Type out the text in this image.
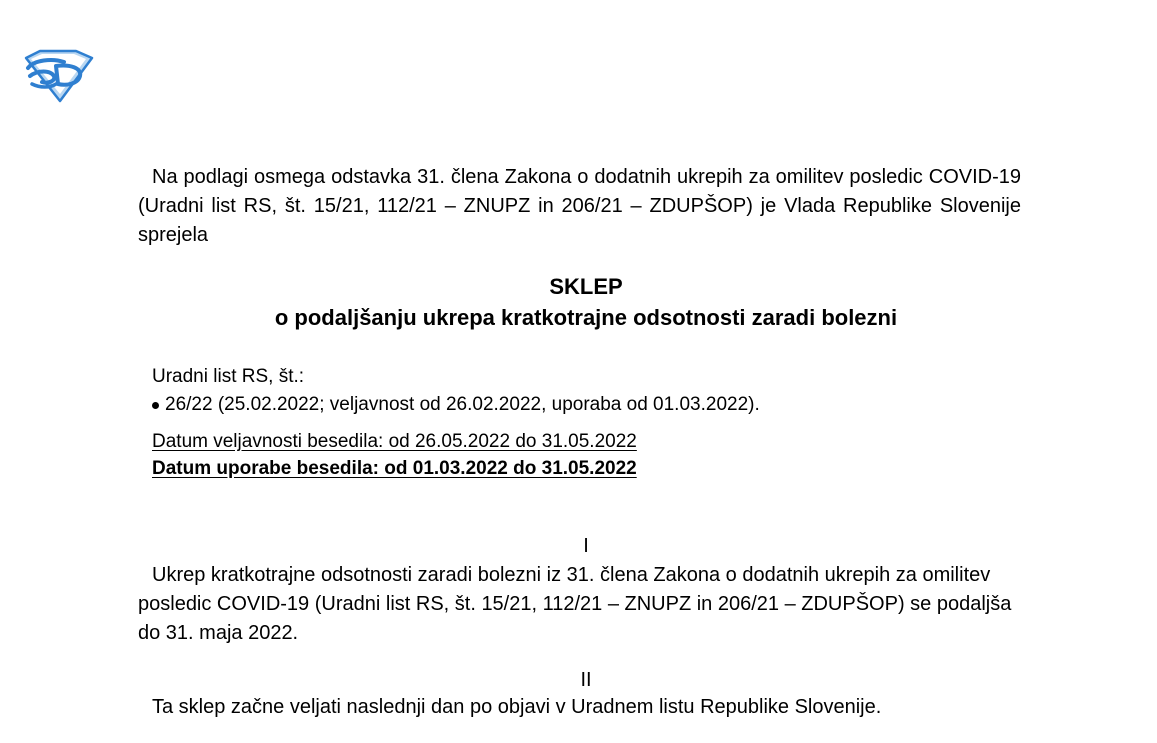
Na podlagi osmega odstavka 31. člena Zakona o dodatnih ukrepih za omilitev posledic COVID-19 (Uradni list RS, št. 15/21, 112/21 – ZNUPZ in 206/21 – ZDUPŠOP) je Vlada Republike Slovenije sprejela
SKLEP
o podaljšanju ukrepa kratkotrajne odsotnosti zaradi bolezni
Uradni list RS, št.:
26/22 (25.02.2022; veljavnost od 26.02.2022, uporaba od 01.03.2022).
Datum veljavnosti besedila: od 26.05.2022 do 31.05.2022
Datum uporabe besedila: od 01.03.2022 do 31.05.2022
I
Ukrep kratkotrajne odsotnosti zaradi bolezni iz 31. člena Zakona o dodatnih ukrepih za omilitev posledic COVID-19 (Uradni list RS, št. 15/21, 112/21 – ZNUPZ in 206/21 – ZDUPŠOP) se podaljša do 31. maja 2022.
II
Ta sklep začne veljati naslednji dan po objavi v Uradnem listu Republike Slovenije.
